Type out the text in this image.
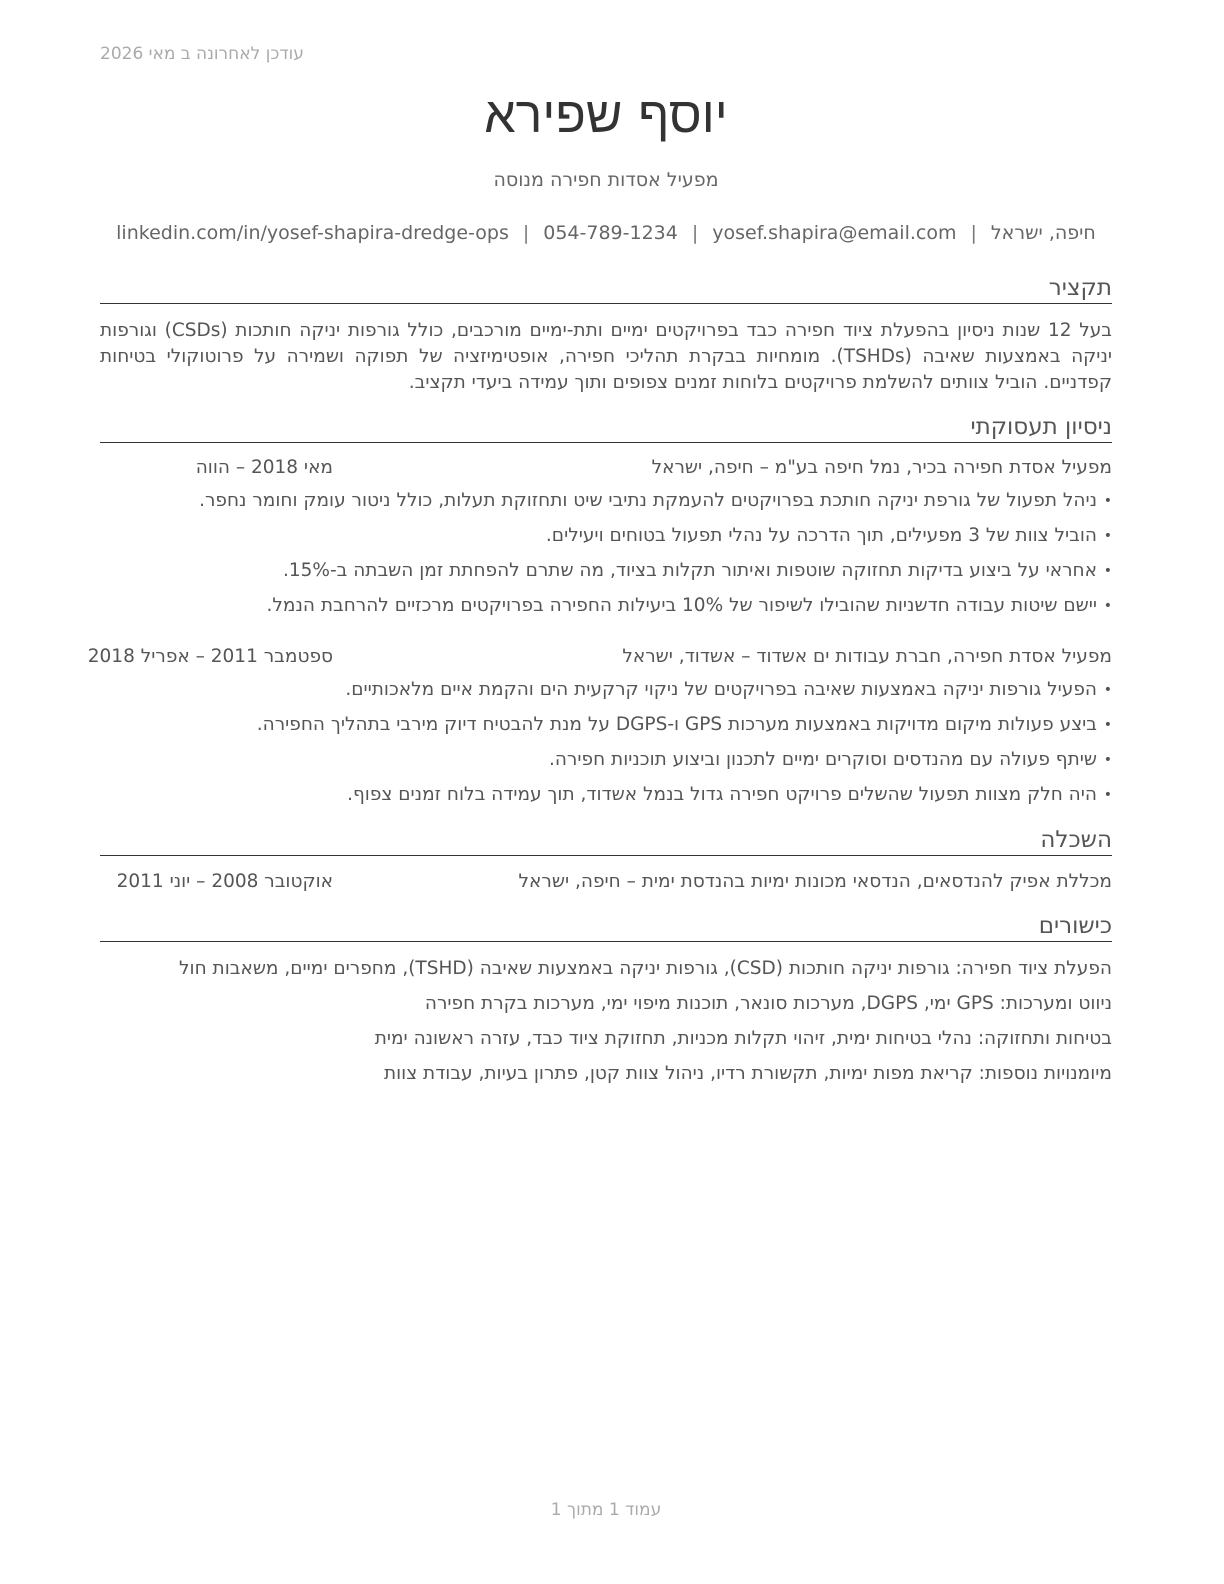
עודכן לאחרונה ב מאי 2026
יוסף שפירא
מפעיל אסדות חפירה מנוסה
חיפה, ישראל|yosef.shapira@email.com|054-789-1234|linkedin.com/in/yosef-shapira-dredge-ops
תקציר
בעל 12 שנות ניסיון בהפעלת ציוד חפירה כבד בפרויקטים ימיים ותת-ימיים מורכבים, כולל גורפות יניקה חותכות (CSDs) וגורפות יניקה באמצעות שאיבה (TSHDs). מומחיות בבקרת תהליכי חפירה, אופטימיזציה של תפוקה ושמירה על פרוטוקולי בטיחות קפדניים. הוביל צוותים להשלמת פרויקטים בלוחות זמנים צפופים ותוך עמידה ביעדי תקציב.
ניסיון תעסוקתי
מפעיל אסדת חפירה בכיר, נמל חיפה בע"מ – חיפה, ישראל
מאי 2018 – הווה
• ניהל תפעול של גורפת יניקה חותכת בפרויקטים להעמקת נתיבי שיט ותחזוקת תעלות, כולל ניטור עומק וחומר נחפר.
• הוביל צוות של 3 מפעילים, תוך הדרכה על נהלי תפעול בטוחים ויעילים.
• אחראי על ביצוע בדיקות תחזוקה שוטפות ואיתור תקלות בציוד, מה שתרם להפחתת זמן השבתה ב-15%.
• יישם שיטות עבודה חדשניות שהובילו לשיפור של 10% ביעילות החפירה בפרויקטים מרכזיים להרחבת הנמל.
מפעיל אסדת חפירה, חברת עבודות ים אשדוד – אשדוד, ישראל
ספטמבר 2011 – אפריל 2018
• הפעיל גורפות יניקה באמצעות שאיבה בפרויקטים של ניקוי קרקעית הים והקמת איים מלאכותיים.
• ביצע פעולות מיקום מדויקות באמצעות מערכות GPS ו-DGPS על מנת להבטיח דיוק מירבי בתהליך החפירה.
• שיתף פעולה עם מהנדסים וסוקרים ימיים לתכנון וביצוע תוכניות חפירה.
• היה חלק מצוות תפעול שהשלים פרויקט חפירה גדול בנמל אשדוד, תוך עמידה בלוח זמנים צפוף.
השכלה
מכללת אפיק להנדסאים, הנדסאי מכונות ימיות בהנדסת ימית – חיפה, ישראל
אוקטובר 2008 – יוני 2011
כישורים
הפעלת ציוד חפירה: גורפות יניקה חותכות (CSD), גורפות יניקה באמצעות שאיבה (TSHD), מחפרים ימיים, משאבות חול
ניווט ומערכות: GPS ימי, DGPS, מערכות סונאר, תוכנות מיפוי ימי, מערכות בקרת חפירה
בטיחות ותחזוקה: נהלי בטיחות ימית, זיהוי תקלות מכניות, תחזוקת ציוד כבד, עזרה ראשונה ימית
מיומנויות נוספות: קריאת מפות ימיות, תקשורת רדיו, ניהול צוות קטן, פתרון בעיות, עבודת צוות
עמוד 1 מתוך 1
